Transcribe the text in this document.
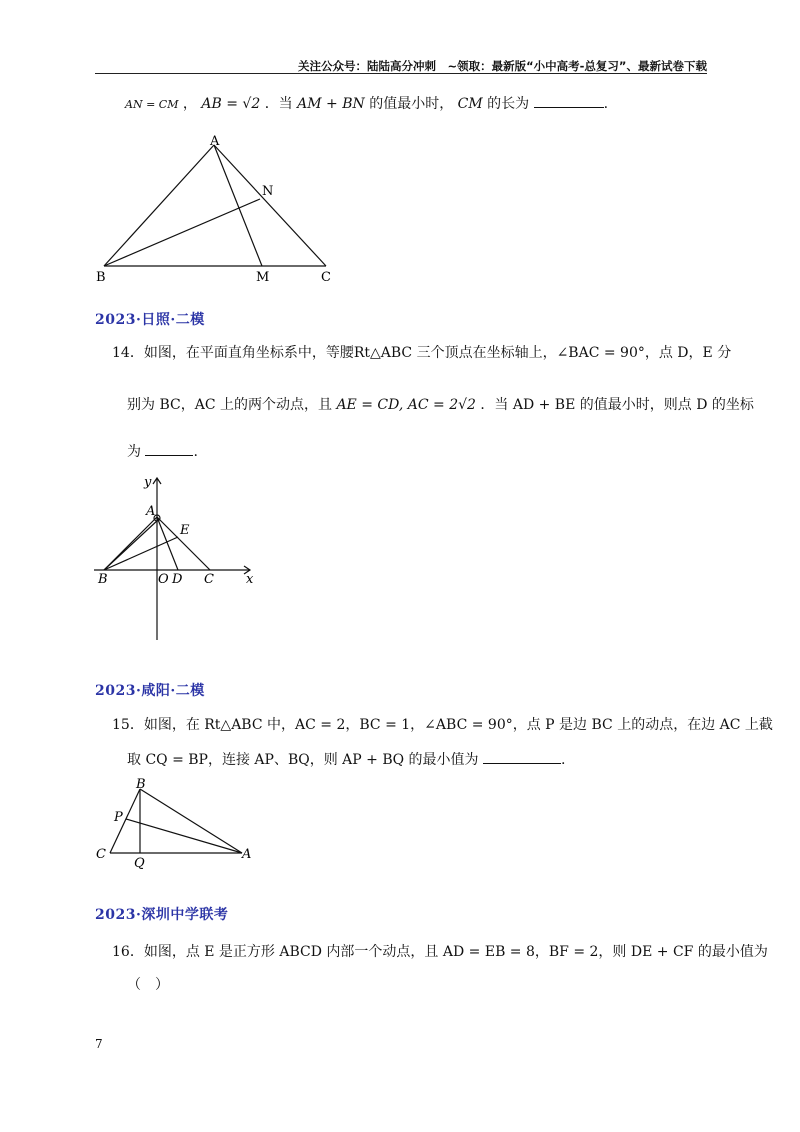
关注公众号：陆陆高分冲刺　~领取：最新版“小中高考-总复习”、最新试卷下载
AN = CM ， AB = √2 ．当 AM + BN 的值最小时， CM 的长为	.
A
N
B	M	C
2023·日照·二模
14．如图，在平面直角坐标系中，等腰Rt△ABC 三个顶点在坐标轴上，∠BAC = 90°，点 D，E 分
别为 BC，AC 上的两个动点，且 AE = CD, AC = 2√2 ．当 AD + BE 的值最小时，则点 D 的坐标
为	.
y
A
E
B	O D C x
2023·咸阳·二模
15．如图，在 Rt△ABC 中，AC = 2，BC = 1，∠ABC = 90°，点 P 是边 BC 上的动点，在边 AC 上截
取 CQ = BP，连接 AP、BQ，则 AP + BQ 的最小值为	.
B
P
C
Q
A
2023·深圳中学联考
16．如图，点 E 是正方形 ABCD 内部一个动点，且 AD = EB = 8，BF = 2，则 DE + CF 的最小值为
（　）
7
